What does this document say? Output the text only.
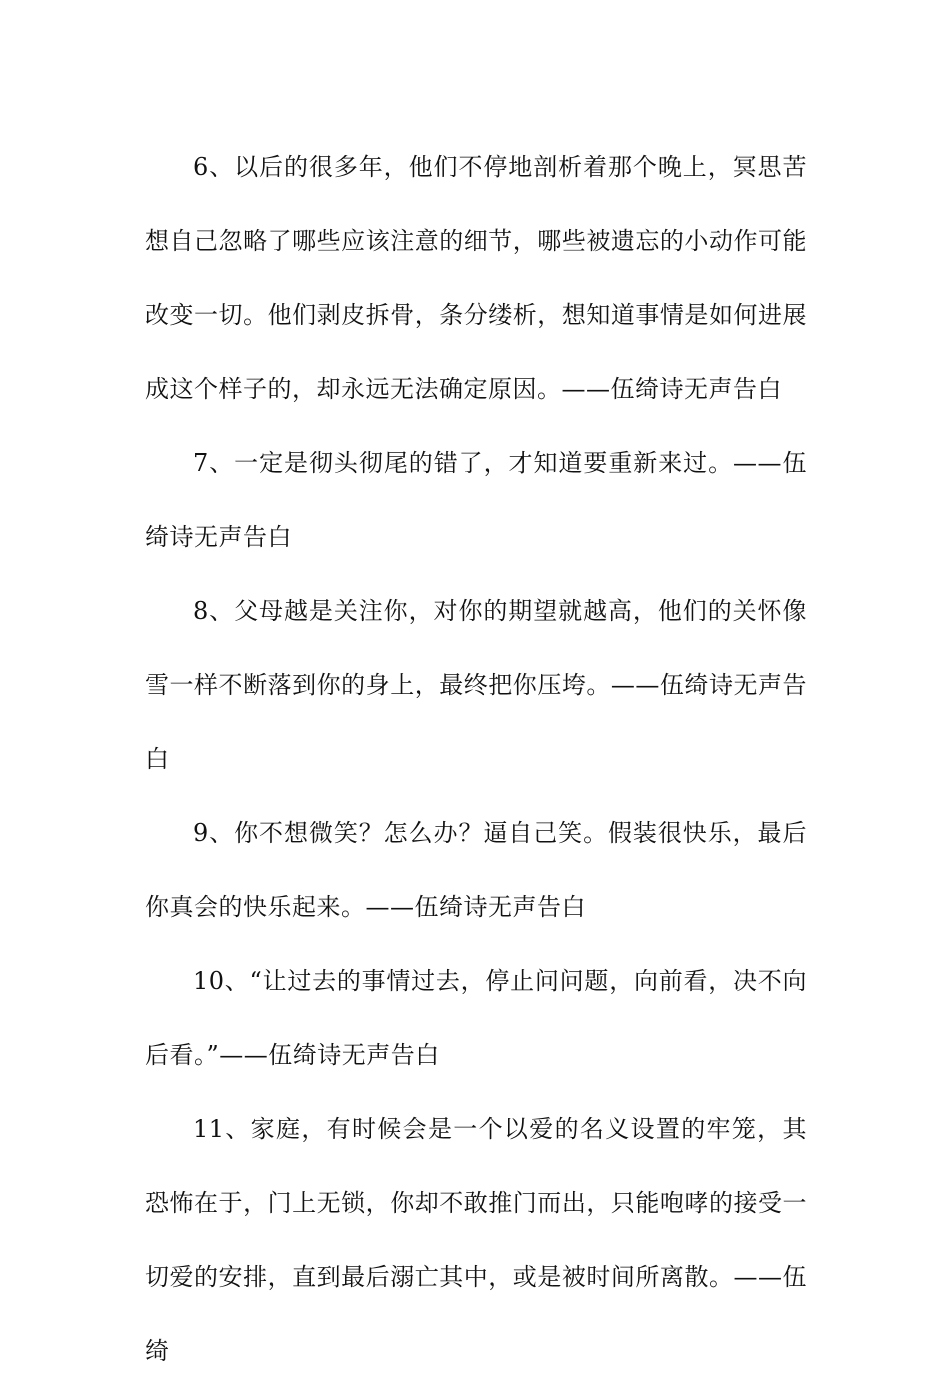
6、以后的很多年，他们不停地剖析着那个晚上，冥思苦想自己忽略了哪些应该注意的细节，哪些被遗忘的小动作可能改变一切。他们剥皮拆骨，条分缕析，想知道事情是如何进展成这个样子的，却永远无法确定原因。——伍绮诗无声告白

7、一定是彻头彻尾的错了，才知道要重新来过。——伍绮诗无声告白

8、父母越是关注你，对你的期望就越高，他们的关怀像雪一样不断落到你的身上，最终把你压垮。——伍绮诗无声告白

9、你不想微笑？怎么办？逼自己笑。假装很快乐，最后你真会的快乐起来。——伍绮诗无声告白

10、“让过去的事情过去，停止问问题，向前看，决不向后看。”——伍绮诗无声告白

11、家庭，有时候会是一个以爱的名义设置的牢笼，其恐怖在于，门上无锁，你却不敢推门而出，只能咆哮的接受一切爱的安排，直到最后溺亡其中，或是被时间所离散。——伍绮
